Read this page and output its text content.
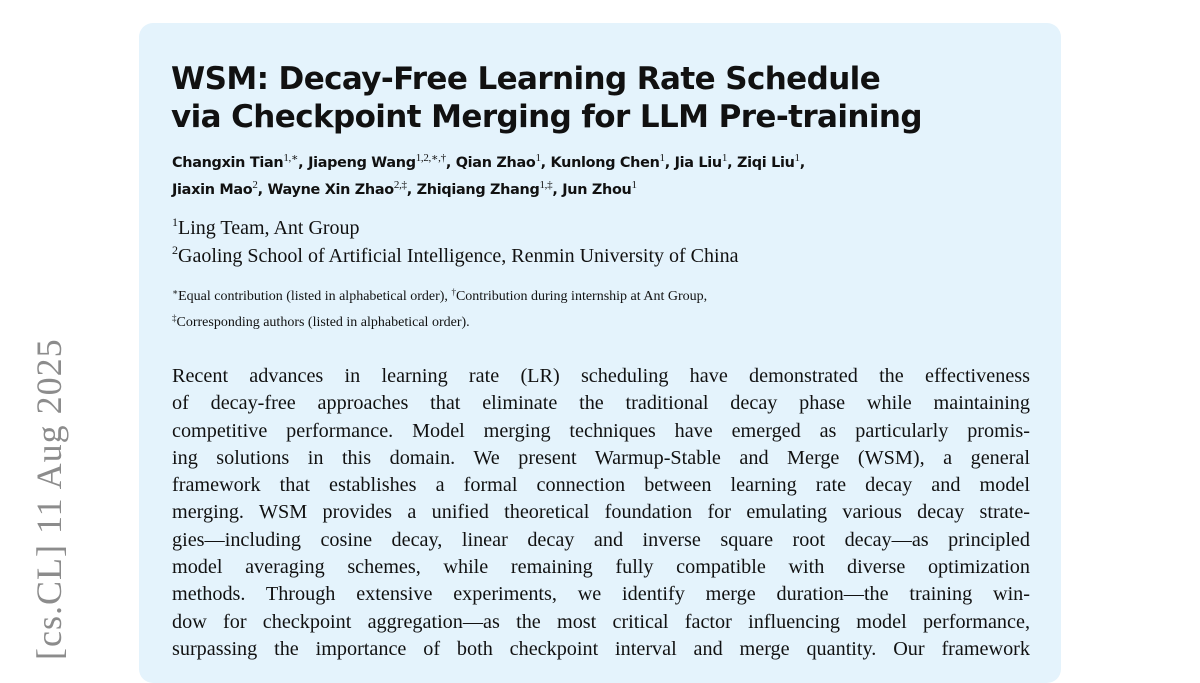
[cs.CL] 11 Aug 2025
WSM: Decay-Free Learning Rate Schedule
via Checkpoint Merging for LLM Pre-training
Changxin Tian$^{1,∗}$, Jiapeng Wang$^{1,2,∗,\dagger}$, Qian Zhao$^1$, Kunlong Chen$^1$, Jia Liu$^1$, Ziqi Liu$^1$,
Jiaxin Mao$^2$, Wayne Xin Zhao$^{2,\ddagger}$, Zhiqiang Zhang$^{1,\ddagger}$, Jun Zhou$^1$
$^1$Ling Team, Ant Group
$^2$Gaoling School of Artificial Intelligence, Renmin University of China
∗Equal contribution (listed in alphabetical order), †Contribution during internship at Ant Group,
‡Corresponding authors (listed in alphabetical order).
Recent advances in learning rate (LR) scheduling have demonstrated the effectiveness
of decay-free approaches that eliminate the traditional decay phase while maintaining
competitive performance. Model merging techniques have emerged as particularly promis-
ing solutions in this domain. We present Warmup-Stable and Merge (WSM), a general
framework that establishes a formal connection between learning rate decay and model
merging. WSM provides a unified theoretical foundation for emulating various decay strate-
gies—including cosine decay, linear decay and inverse square root decay—as principled
model averaging schemes, while remaining fully compatible with diverse optimization
methods. Through extensive experiments, we identify merge duration—the training win-
dow for checkpoint aggregation—as the most critical factor influencing model performance,
surpassing the importance of both checkpoint interval and merge quantity. Our framework
